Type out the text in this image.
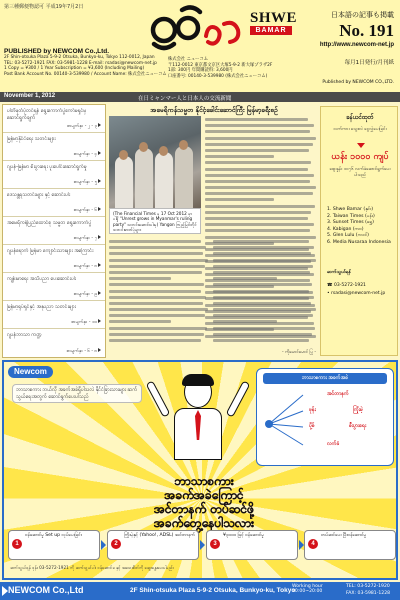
第三種郵便物認可 平成19年7月2日
SHWE
BAMAR
日本語の記事も掲載
No. 191
http://www.newcom-net.jp
PUBLISHED by NEWCOM Co.,Ltd.
2F Shin-otsuka Plaza 5-9-2 Otsuka, Bunkyo-ku, Tokyo 112-0012, Japan
TEL: 03-5272-1921 FAX: 03-5981-1228 E-mail: rsadasi@newcom-net.jp
1 Copy = ¥300 / 1 Year Subscription = ¥3,600 (Including Mailing)
Post Bank Account No. 00140-3-539980 / Account Name: 株式会社ニューコム
株式会社 ニューコム
〒112-0012 東京都文京区大塚5-9-2 新大塚プラザ2F
1部: 300円 年間購読料: 3,600円
口座番号: 00140-3-539980 (株式会社ニューコム)
毎月1日発行/月刊紙
Published by NEWCOM CO.,LTD.
November 1, 2012	在日ミャンマー人と日本人の交流新聞
ပါတီမှတ်ပုံတင်ရန် ရွေးကောက်ပွဲကော်မရှင်မှ ဆောင်ရွက်ချက်
စာမျက်နှာ - ၂ - ၃
မြန်မာ့နိုင်ငံရေး သတင်းများ
စာမျက်နှာ - ၄
ဂျပန်-မြန်မာ စီးပွားရေး ပူးပေါင်းဆောင်ရွက်မှု
စာမျက်နှာ - ၅
ဒေသန္တရသတင်းများ နှင့် ဆောင်းပါး
စာမျက်နှာ - ၆
အမေရိကန်ပြည်ထောင်စု သမ္မတ ရွေးကောက်ပွဲ
စာမျက်နှာ - ၇
ဂျပန်ရောက် မြန်မာ ကျောင်းသားများ အကြောင်း
စာမျက်နှာ - ၈
ကျန်းမာရေး အသိပညာ ပေးဆောင်းပါး
စာမျက်နှာ - ၉
မြန်မာ့ရုပ်ရှင်နှင့် အနုပညာ သတင်းများ
စာမျက်နှာ - ၁၀
ဂျပန်ဘာသာ ကဏ္ဍ
စာမျက်နှာ - ၆ - ၈
အမေရိကန်သမ္မတ နိုင်ငံ့ခေါင်းဆောင်ကြီး မြန်မာ့ခရီးစဉ်
(The Financial Times မှ 17 Oct 2012 မှာပါရှိ "Unrest grows in Myanmar's ruling party" သတင်းဆောင်းပါးမှ) Yangon ကြည့်မြင်တိုင် သတင်းဓာတ်ပုံများ
- ကိုမောင်မောင် ပြု -
ခန်ယင်ထုတ်
လက်ကား သွေးလဲ ငွေလွှဲပေးခြင်း
ယန်း ၁၀၀၀ ကျပ်
ဈေးနှုန်း ၁၀၇၆ လက်ခံဆောင်ရွက်ပေးပါသည်
1. Shwe Bamar (နှင်း)
2. Taiwan Times (ပန်း)
3. Sunset Times (ရွှေ)
4. Kabigan (ကဗ)
5. Glen Lulu (ဂလင်)
6. Media Nusaraa Indonesia
ဆက်သွယ်ရန်
☎ 03-5272-1921
• rsadasi@newcom-net.jp
Newcom
ဘာသာစကား ဘယ်လို အခက်အခဲရှိပါသလဲ နိုင်ငံခြားသားများ ဆက်သွယ်ရေးအတွက် ဆောင်ရွက်ပေးပါသည်
ဘာသာစကား အခက်အခဲ
အင်တာနက်
ဖုန်း	ကြိုးမဲ့
ပို့စ်	စီးပွားရေး
လက်ခံ
ဘာသာစကား
အခက်အခဲကြောင့်
အင်တာနက် တပ်ဆင်ဖို့
အခက်တွေ့နေပါသလား
1
ဝန်ဆောင်မှု Set up လုပ်ပေးခြင်း
2
ကြိုးမဲ့နှင့် (Yahoo!, ADSL) အင်တာနက်
3
¥၃၀၀၀ ဖြင့် ဝန်ဆောင်မှု
4
တပ်ဆင်ပေး ပြီးဝန်ဆောင်မှု
ဆက်သွယ်ရန် ဖုန်း 03-5272-1921 ကို ဆက်သွယ်ပါ။ ဝန်ဆောင်ခ နှင့် အသေးစိတ်ကို ဆွေးနွေးပေးပါမည်။
NEWCOM Co.,Ltd	2F Shin-otsuka Plaza 5-9-2 Otsuka, Bunkyo-ku, Tokyo
Working hour
10:00~20:00
TEL: 03-5272-1920
FAX: 03-5981-1228
